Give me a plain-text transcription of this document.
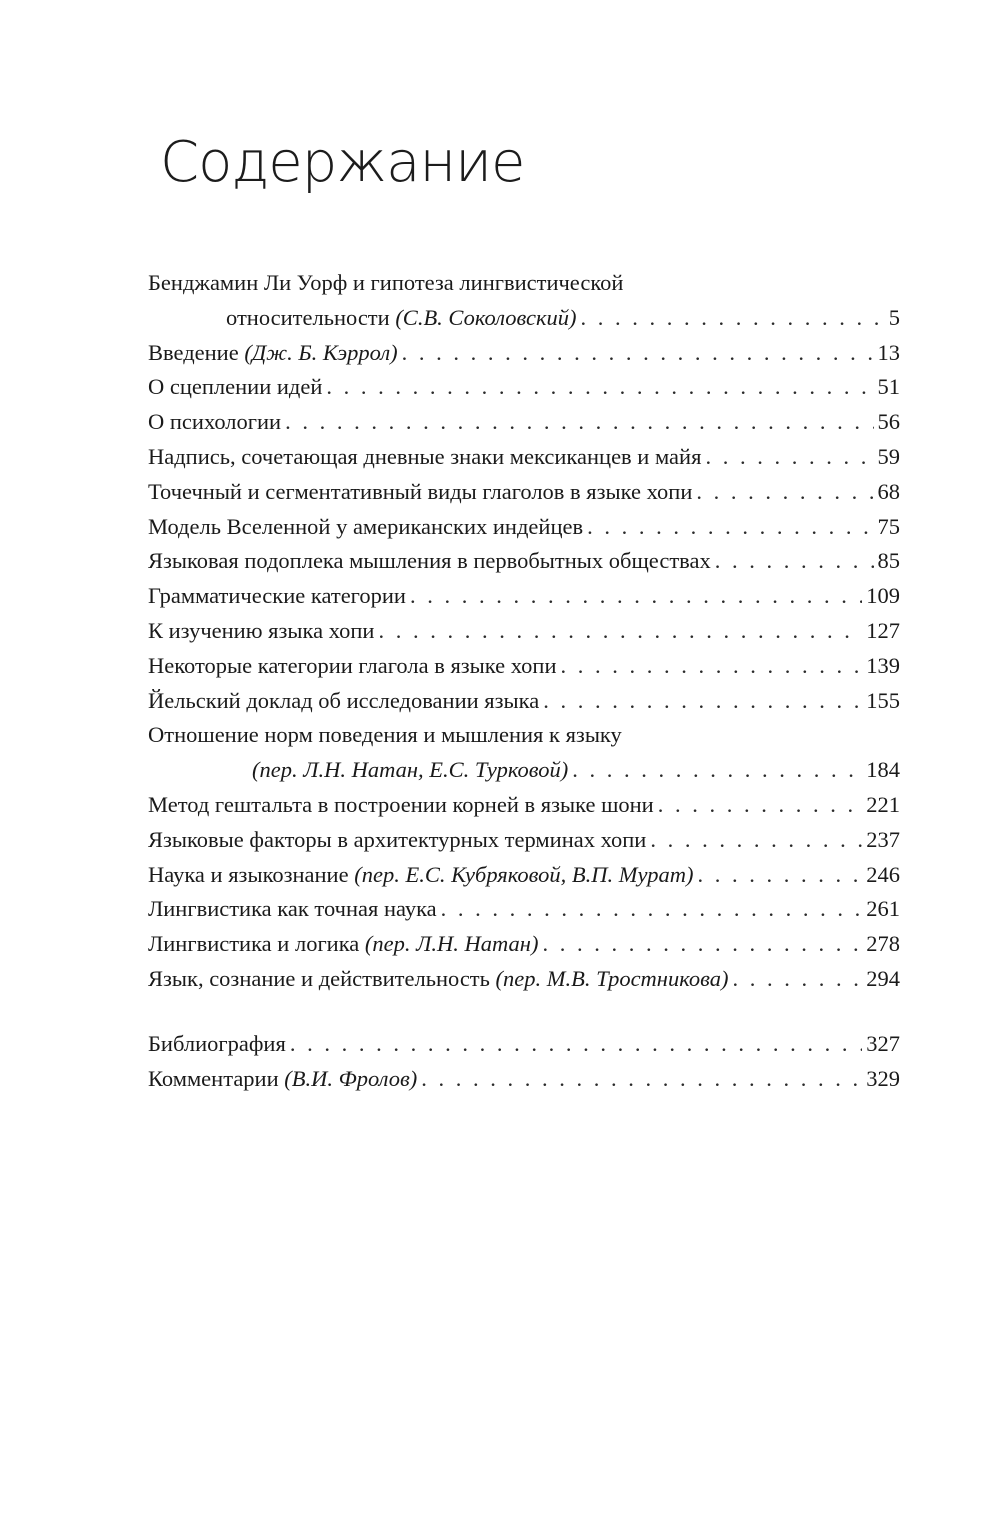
Содержание
Бенджамин Ли Уорф и гипотеза лингвистической
относительности (С.В. Соколовский) . . .	5
Введение (Дж. Б. Кэррол) . . .	13
О сцеплении идей . . .	51
О психологии . . .	56
Надпись, сочетающая дневные знаки мексиканцев и майя . . .	59
Точечный и сегментативный виды глаголов в языке хопи . . .	68
Модель Вселенной у американских индейцев . . .	75
Языковая подоплека мышления в первобытных обществах . . .	85
Грамматические категории . . .	109
К изучению языка хопи . . .	127
Некоторые категории глагола в языке хопи . . .	139
Йельский доклад об исследовании языка . . .	155
Отношение норм поведения и мышления к языку
(пер. Л.Н. Натан, Е.С. Турковой) . . .	184
Метод гештальта в построении корней в языке шони . . .	221
Языковые факторы в архитектурных терминах хопи . . .	237
Наука и языкознание (пер. Е.С. Кубряковой, В.П. Мурат) . . .	246
Лингвистика как точная наука . . .	261
Лингвистика и логика (пер. Л.Н. Натан) . . .	278
Язык, сознание и действительность (пер. М.В. Тростникова) . . .	294
Библиография . . .	327
Комментарии (В.И. Фролов) . . .	329
